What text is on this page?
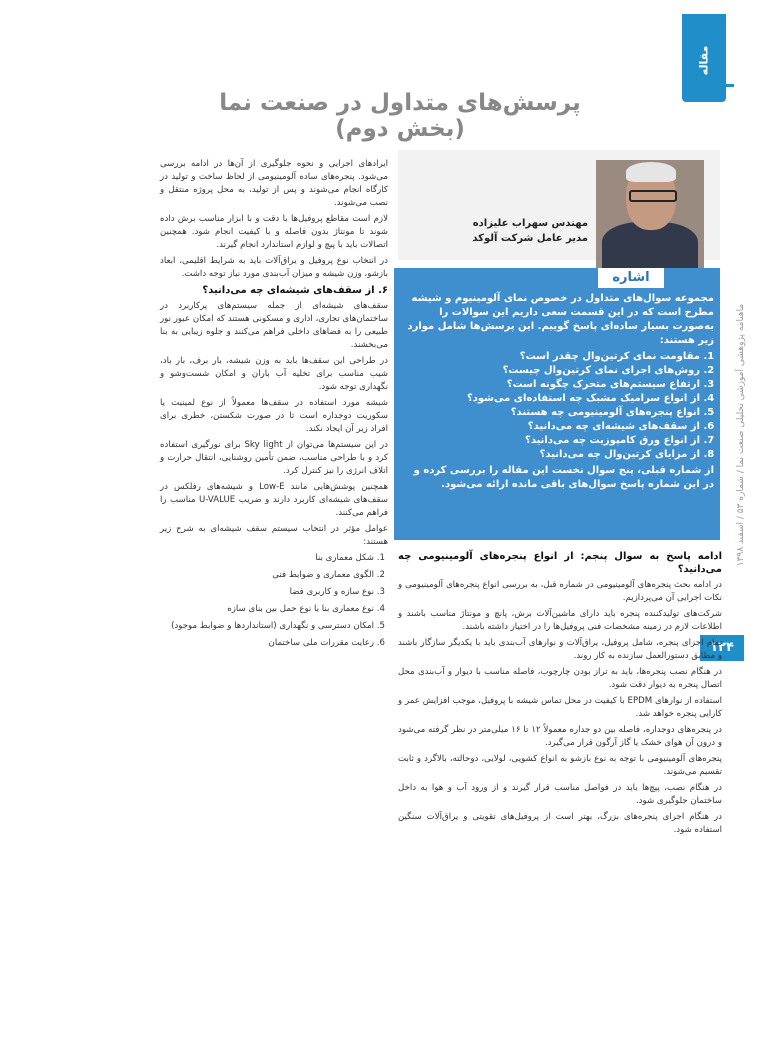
مقاله
پرسش‌های متداول در صنعت نما (بخش دوم)
ماهنامه پژوهشی آموزشی تحلیلی صنعت نما / شماره ۵۳ / اسفند ۱۳۹۸
۱۲۴
مهندس سهراب علیزاده
مدیر عامل شرکت آلوکد
اشاره

مجموعه سوال‌های متداول در خصوص نمای آلومینیوم و شیشه مطرح است که در این قسمت سعی داریم این سوالات را به‌صورت بسیار ساده‌ای پاسخ گوییم. این پرسش‌ها شامل موارد زیر هستند:

1. مقاومت نمای کرتین‌وال چقدر است؟
2. روش‌های اجرای نمای کرتین‌وال چیست؟
3. ارتفاع سیستم‌های متحرک چگونه است؟
4. از انواع سرامیک مشبک چه استفاده‌ای می‌شود؟
5. انواع پنجره‌های آلومینیومی چه هستند؟
6. از سقف‌های شیشه‌ای چه می‌دانید؟
7. از انواع ورق کامپوزیت چه می‌دانید؟
8. از مزایای کرتین‌وال چه می‌دانید؟

از شماره قبلی، پنج سوال نخست این مقاله را بررسی کرده و در این شماره پاسخ سوال‌های باقی مانده ارائه می‌شود.

ایرادهای اجرایی و نحوه جلوگیری از آن‌ها در ادامه بررسی می‌شود. پنجره‌های ساده آلومینیومی از لحاظ ساخت و تولید در کارگاه انجام می‌شوند و پس از تولید، به محل پروژه منتقل و نصب می‌شوند.

لازم است مقاطع پروفیل‌ها با دقت و با ابزار مناسب برش داده شوند تا مونتاژ بدون فاصله و با کیفیت انجام شود. همچنین اتصالات باید با پیچ و لوازم استاندارد انجام گیرند.

در انتخاب نوع پروفیل و یراق‌آلات باید به شرایط اقلیمی، ابعاد بازشو، وزن شیشه و میزان آب‌بندی مورد نیاز توجه داشت.

۶. از سقف‌های شیشه‌ای چه می‌دانید؟

سقف‌های شیشه‌ای از جمله سیستم‌های پرکاربرد در ساختمان‌های تجاری، اداری و مسکونی هستند که امکان عبور نور طبیعی را به فضاهای داخلی فراهم می‌کنند و جلوه زیبایی به بنا می‌بخشند.

در طراحی این سقف‌ها باید به وزن شیشه، بار برف، بار باد، شیب مناسب برای تخلیه آب باران و امکان شست‌وشو و نگهداری توجه شود.

شیشه مورد استفاده در سقف‌ها معمولاً از نوع لمینیت یا سکوریت دوجداره است تا در صورت شکستن، خطری برای افراد زیر آن ایجاد نکند.

در این سیستم‌ها می‌توان از Sky light برای نورگیری استفاده کرد و با طراحی مناسب، ضمن تأمین روشنایی، انتقال حرارت و اتلاف انرژی را نیز کنترل کرد.

همچنین پوشش‌هایی مانند Low-E و شیشه‌های رفلکس در سقف‌های شیشه‌ای کاربرد دارند و ضریب U-VALUE مناسب را فراهم می‌کنند.

عوامل مؤثر در انتخاب سیستم سقف شیشه‌ای به شرح زیر هستند:

1. شکل معماری بنا
2. الگوی معماری و ضوابط فنی
3. نوع سازه و کاربری فضا
4. نوع معماری بنا با نوع حمل بین بنای سازه
5. امکان دسترسی و نگهداری (استانداردها و ضوابط موجود)
6. رعایت مقررات ملی ساختمان
ادامه پاسخ به سوال پنجم: از انواع پنجره‌های آلومینیومی چه می‌دانید؟

در ادامه بحث پنجره‌های آلومینیومی در شماره قبل، به بررسی انواع پنجره‌های آلومینیومی و نکات اجرایی آن می‌پردازیم.

شرکت‌های تولیدکننده پنجره باید دارای ماشین‌آلات برش، پانچ و مونتاژ مناسب باشند و اطلاعات لازم در زمینه مشخصات فنی پروفیل‌ها را در اختیار داشته باشند.

تمام اجزای پنجره، شامل پروفیل، یراق‌آلات و نوارهای آب‌بندی باید با یکدیگر سازگار باشند و مطابق دستورالعمل سازنده به کار روند.

در هنگام نصب پنجره‌ها، باید به تراز بودن چارچوب، فاصله مناسب با دیوار و آب‌بندی محل اتصال پنجره به دیوار دقت شود.

استفاده از نوارهای EPDM با کیفیت در محل تماس شیشه با پروفیل، موجب افزایش عمر و کارایی پنجره خواهد شد.

در پنجره‌های دوجداره، فاصله بین دو جداره معمولاً ۱۲ تا ۱۶ میلی‌متر در نظر گرفته می‌شود و درون آن هوای خشک یا گاز آرگون قرار می‌گیرد.

پنجره‌های آلومینیومی با توجه به نوع بازشو به انواع کشویی، لولایی، دوحالته، بالاگرد و ثابت تقسیم می‌شوند.

در هنگام نصب، پیچ‌ها باید در فواصل مناسب قرار گیرند و از ورود آب و هوا به داخل ساختمان جلوگیری شود.

در هنگام اجرای پنجره‌های بزرگ، بهتر است از پروفیل‌های تقویتی و یراق‌آلات سنگین استفاده شود.
